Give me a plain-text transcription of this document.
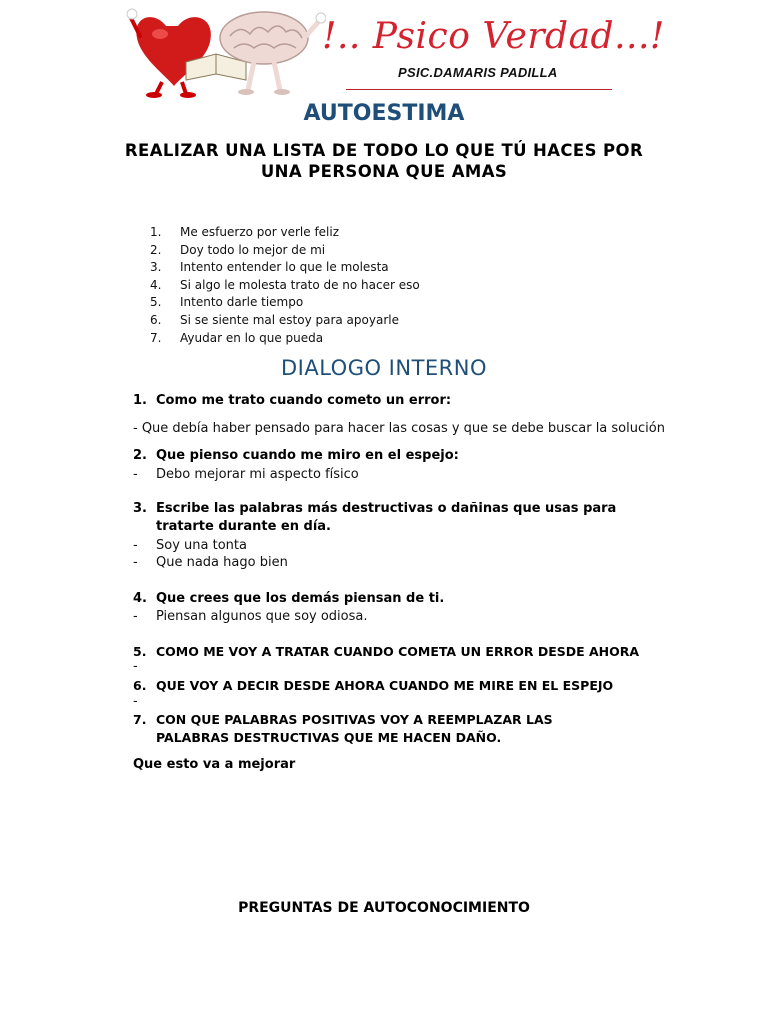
!.. Psico Verdad...!
PSIC.DAMARIS PADILLA
AUTOESTIMA
REALIZAR UNA LISTA DE TODO LO QUE TÚ HACES POR UNA PERSONA QUE AMAS
1. Me esfuerzo por verle feliz
2. Doy todo lo mejor de mi
3. Intento entender lo que le molesta
4. Si algo le molesta trato de no hacer eso
5. Intento darle tiempo
6. Si se siente mal estoy para apoyarle
7. Ayudar en lo que pueda
DIALOGO INTERNO
1. Como me trato cuando cometo un error:
- Que debía haber pensado para hacer las cosas y que se debe buscar la solución
2. Que pienso cuando me miro en el espejo:
- Debo mejorar mi aspecto físico
3. Escribe las palabras más destructivas o dañinas que usas para tratarte durante en día.
- Soy una tonta
- Que nada hago bien
4. Que crees que los demás piensan de ti.
- Piensan algunos que soy odiosa.
5. COMO ME VOY A TRATAR CUANDO COMETA UN ERROR DESDE AHORA
-
6. QUE VOY A DECIR DESDE AHORA CUANDO ME MIRE EN EL ESPEJO
-
7. CON QUE PALABRAS POSITIVAS VOY A REEMPLAZAR LAS PALABRAS DESTRUCTIVAS QUE ME HACEN DAÑO.
Que esto va a mejorar
PREGUNTAS DE AUTOCONOCIMIENTO
